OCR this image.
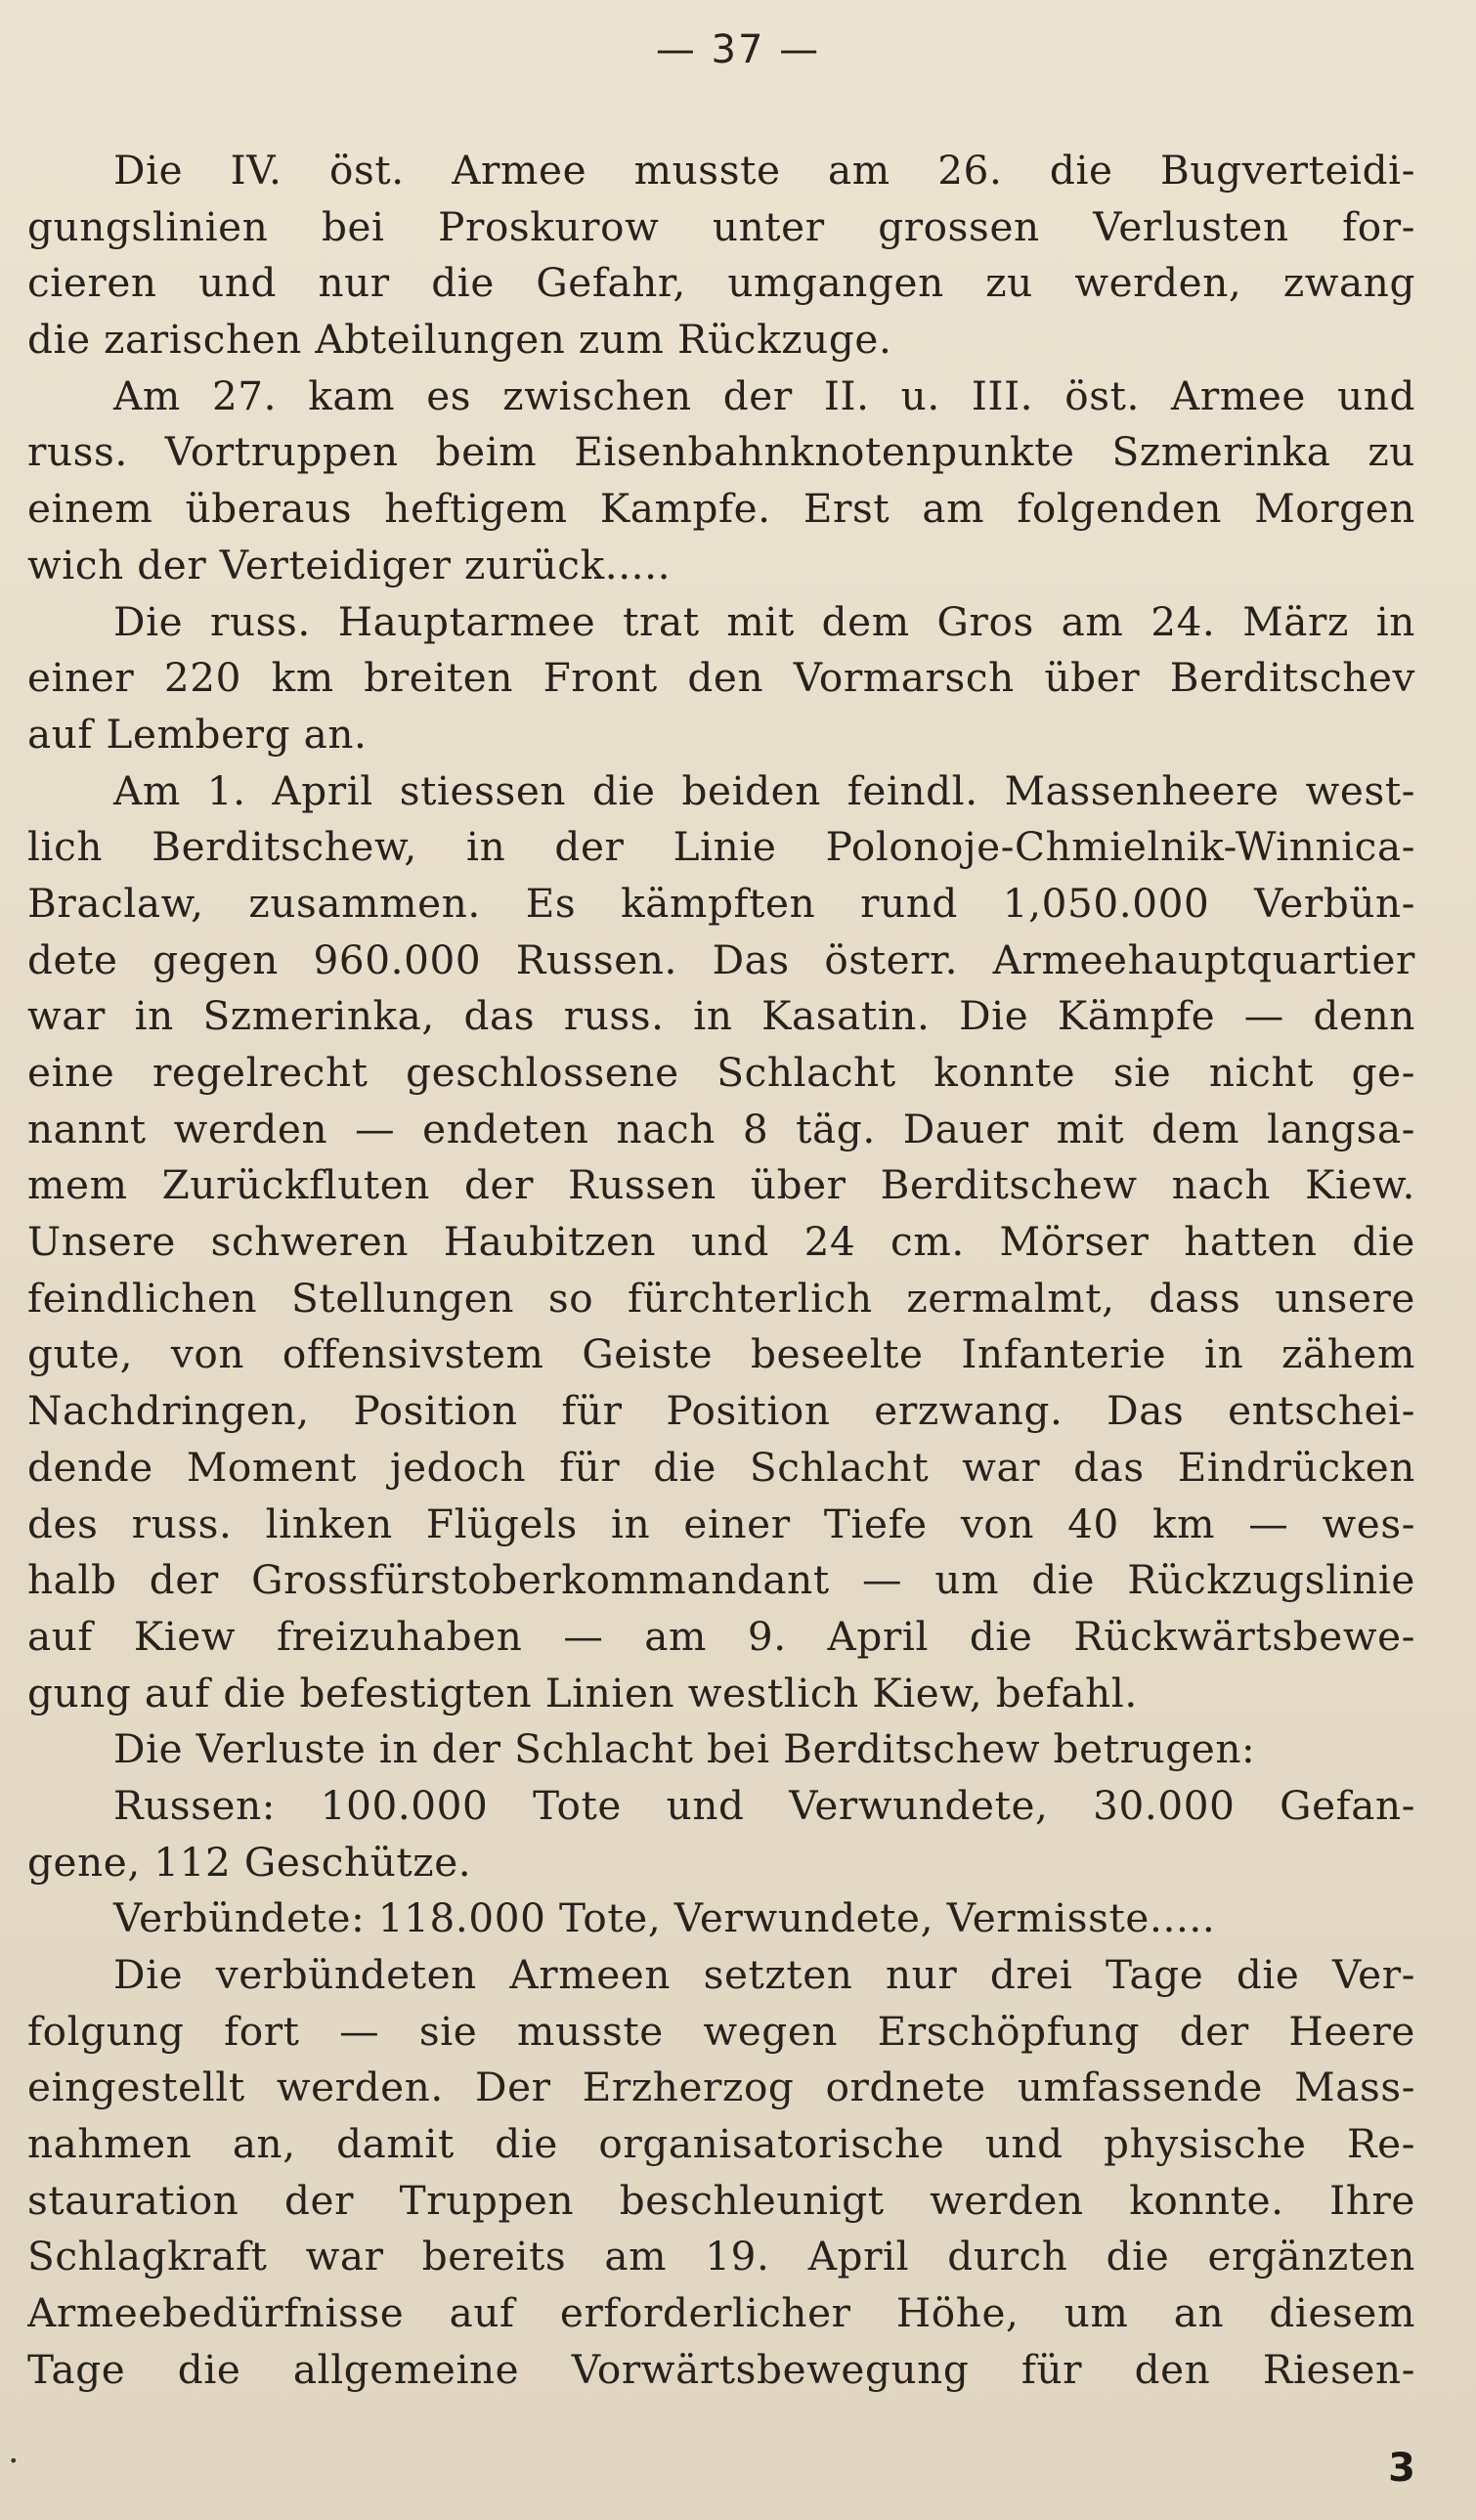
— 37 —
Die IV. öst. Armee musste am 26. die Bugverteidi-
gungslinien bei Proskurow unter grossen Verlusten for-
cieren und nur die Gefahr, umgangen zu werden, zwang
die zarischen Abteilungen zum Rückzuge.
Am 27. kam es zwischen der II. u. III. öst. Armee und
russ. Vortruppen beim Eisenbahnknotenpunkte Szmerinka zu
einem überaus heftigem Kampfe. Erst am folgenden Morgen
wich der Verteidiger zurück.....
Die russ. Hauptarmee trat mit dem Gros am 24. März in
einer 220 km breiten Front den Vormarsch über Berditschev
auf Lemberg an.
Am 1. April stiessen die beiden feindl. Massenheere west-
lich Berditschew, in der Linie Polonoje-Chmielnik-Winnica-
Braclaw, zusammen. Es kämpften rund 1,050.000 Verbün-
dete gegen 960.000 Russen. Das österr. Armeehauptquartier
war in Szmerinka, das russ. in Kasatin. Die Kämpfe — denn
eine regelrecht geschlossene Schlacht konnte sie nicht ge-
nannt werden — endeten nach 8 täg. Dauer mit dem langsa-
mem Zurückfluten der Russen über Berditschew nach Kiew.
Unsere schweren Haubitzen und 24 cm. Mörser hatten die
feindlichen Stellungen so fürchterlich zermalmt, dass unsere
gute, von offensivstem Geiste beseelte Infanterie in zähem
Nachdringen, Position für Position erzwang. Das entschei-
dende Moment jedoch für die Schlacht war das Eindrücken
des russ. linken Flügels in einer Tiefe von 40 km — wes-
halb der Grossfürstoberkommandant — um die Rückzugslinie
auf Kiew freizuhaben — am 9. April die Rückwärtsbewe-
gung auf die befestigten Linien westlich Kiew, befahl.
Die Verluste in der Schlacht bei Berditschew betrugen:
Russen: 100.000 Tote und Verwundete, 30.000 Gefan-
gene, 112 Geschütze.
Verbündete: 118.000 Tote, Verwundete, Vermisste.....
Die verbündeten Armeen setzten nur drei Tage die Ver-
folgung fort — sie musste wegen Erschöpfung der Heere
eingestellt werden. Der Erzherzog ordnete umfassende Mass-
nahmen an, damit die organisatorische und physische Re-
stauration der Truppen beschleunigt werden konnte. Ihre
Schlagkraft war bereits am 19. April durch die ergänzten
Armeebedürfnisse auf erforderlicher Höhe, um an diesem
Tage die allgemeine Vorwärtsbewegung für den Riesen-
.	3
